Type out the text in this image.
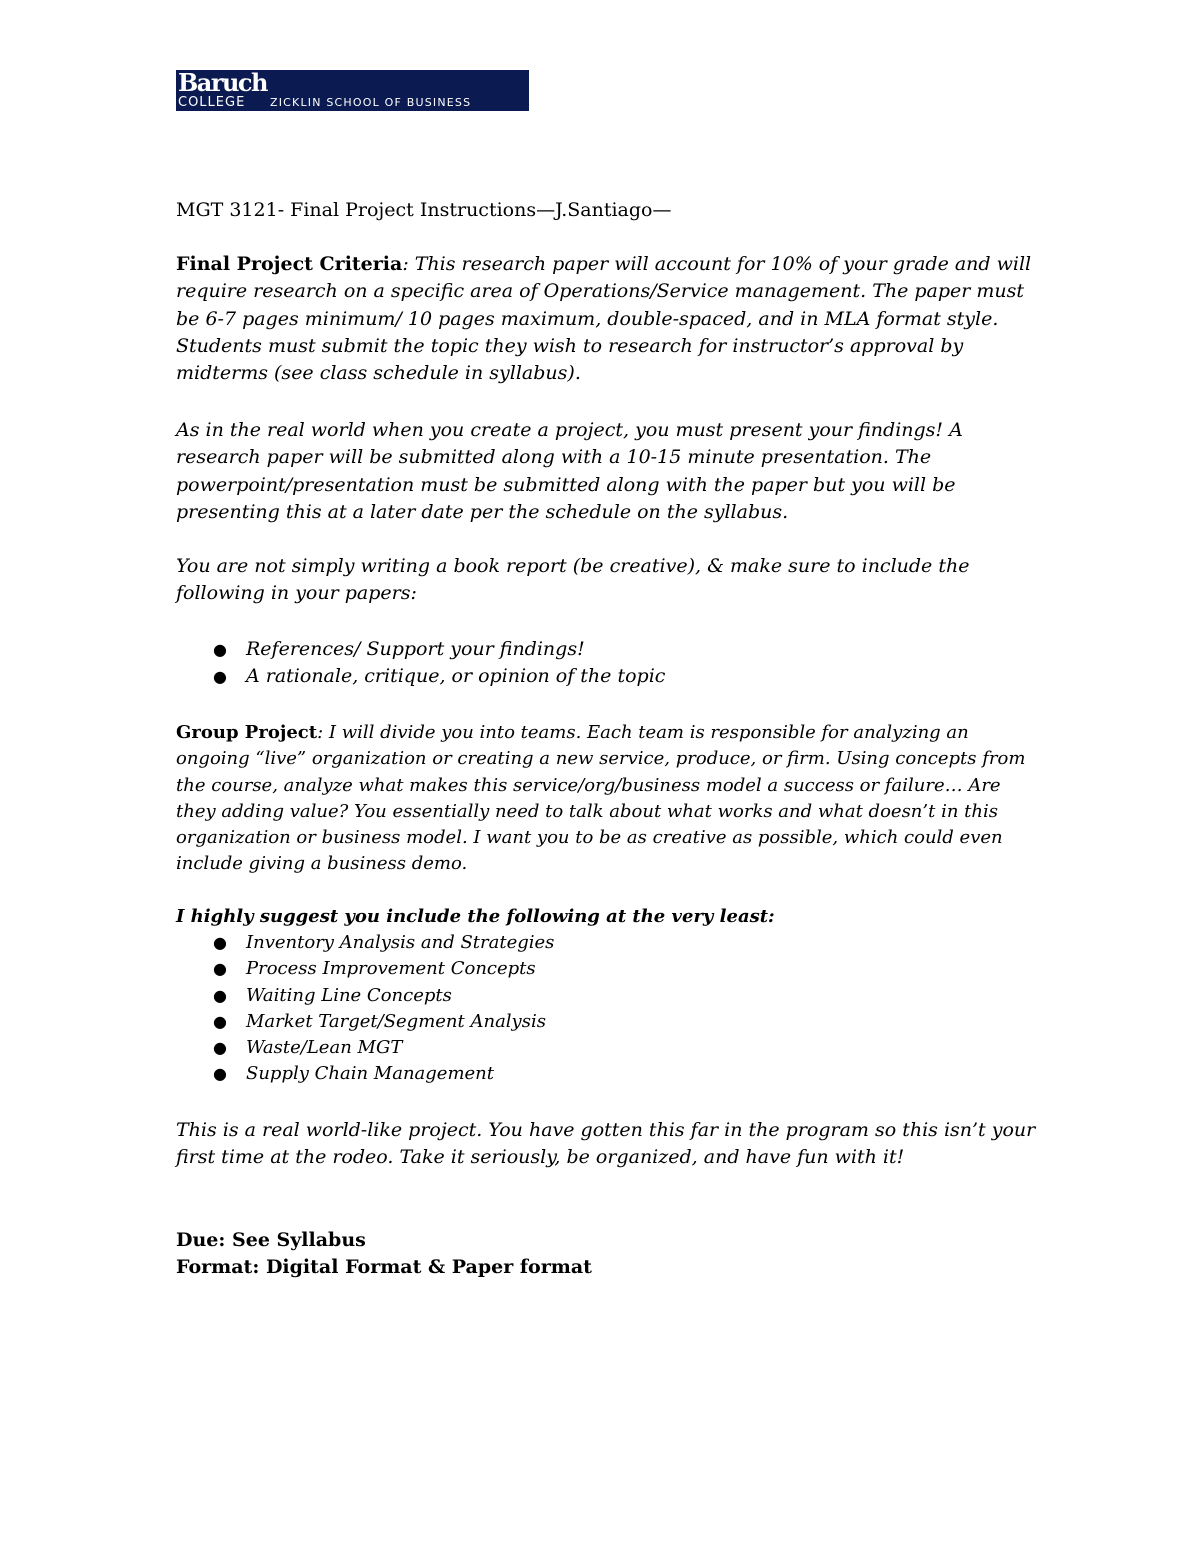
Baruch
COLLEGE ZICKLIN SCHOOL OF BUSINESS

MGT 3121- Final Project Instructions—J.Santiago—

Final Project Criteria: This research paper will account for 10% of your grade and will require research on a specific area of Operations/Service management. The paper must be 6-7 pages minimum/ 10 pages maximum, double-spaced, and in MLA format style. Students must submit the topic they wish to research for instructor’s approval by midterms (see class schedule in syllabus).

As in the real world when you create a project, you must present your findings! A research paper will be submitted along with a 10-15 minute presentation. The powerpoint/presentation must be submitted along with the paper but you will be presenting this at a later date per the schedule on the syllabus.

You are not simply writing a book report (be creative), & make sure to include the following in your papers:

● References/ Support your findings!
● A rationale, critique, or opinion of the topic

Group Project: I will divide you into teams. Each team is responsible for analyzing an ongoing “live” organization or creating a new service, produce, or firm. Using concepts from the course, analyze what makes this service/org/business model a success or failure… Are they adding value? You essentially need to talk about what works and what doesn’t in this organization or business model. I want you to be as creative as possible, which could even include giving a business demo.

I highly suggest you include the following at the very least:

● Inventory Analysis and Strategies
● Process Improvement Concepts
● Waiting Line Concepts
● Market Target/Segment Analysis
● Waste/Lean MGT
● Supply Chain Management

This is a real world-like project. You have gotten this far in the program so this isn’t your first time at the rodeo. Take it seriously, be organized, and have fun with it!

Due: See Syllabus

Format: Digital Format & Paper format
